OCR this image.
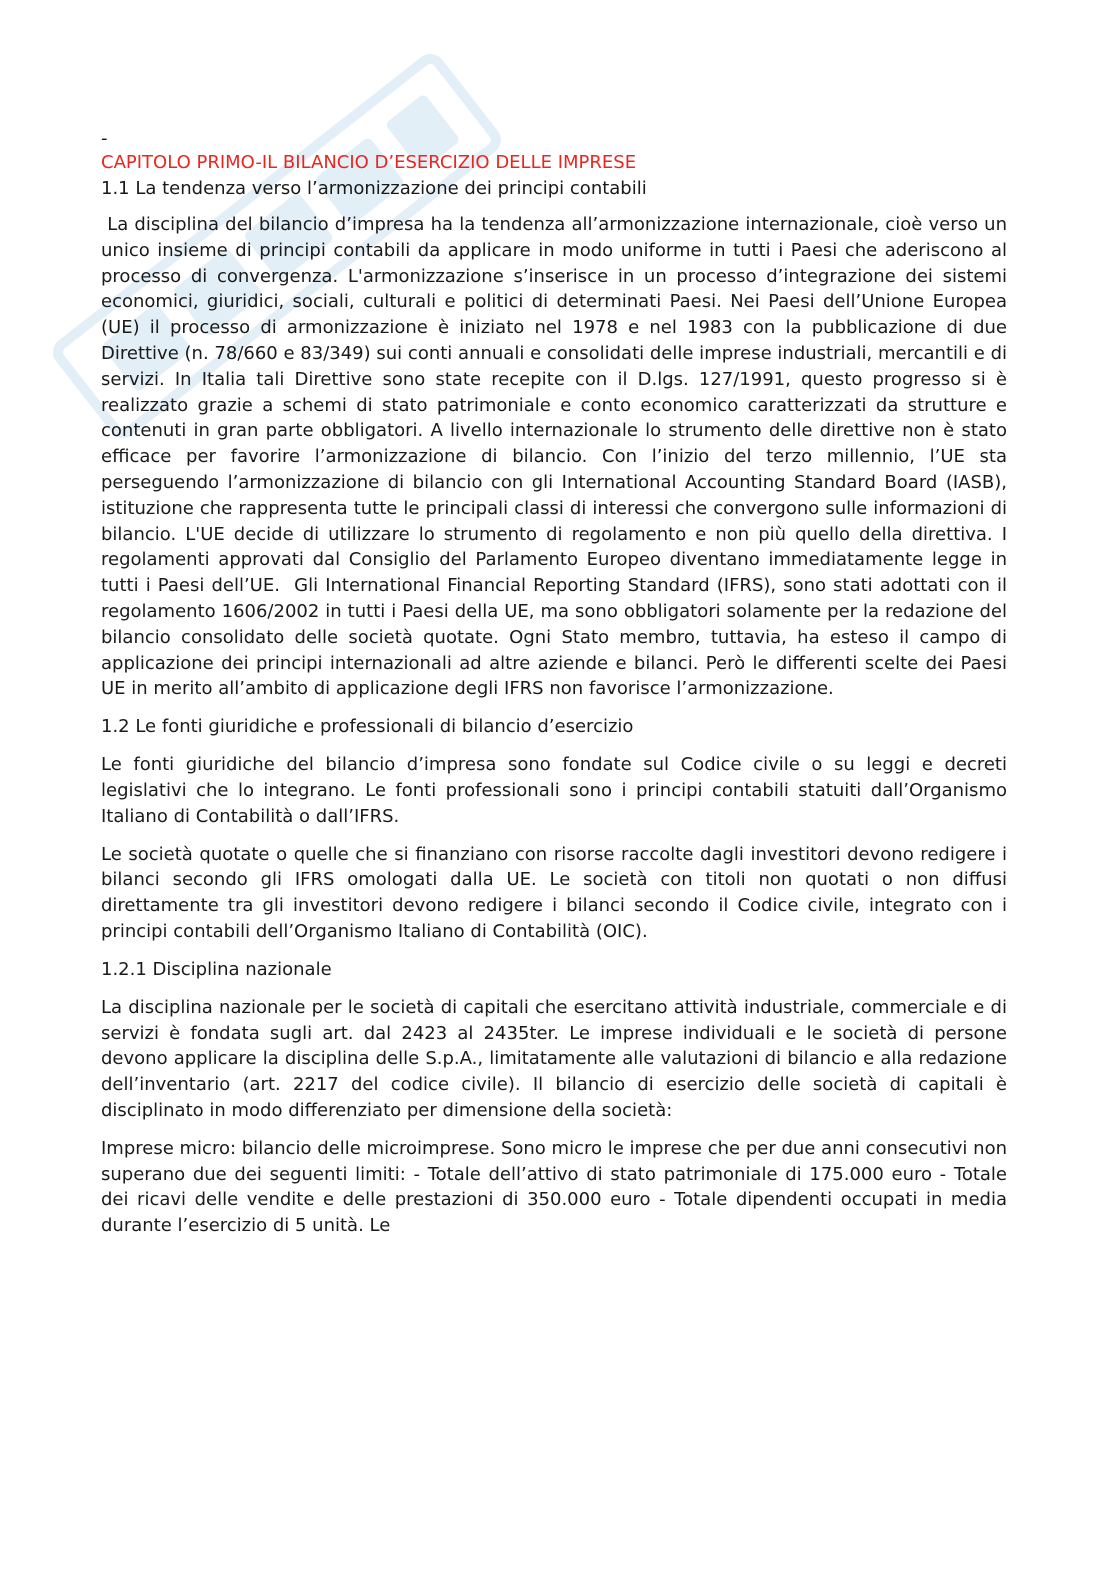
-
CAPITOLO PRIMO-IL BILANCIO D’ESERCIZIO DELLE IMPRESE
1.1 La tendenza verso l’armonizzazione dei principi contabili

La disciplina del bilancio d’impresa ha la tendenza all’armonizzazione internazionale, cioè verso un unico insieme di principi contabili da applicare in modo uniforme in tutti i Paesi che aderiscono al processo di convergenza. L'armonizzazione s’inserisce in un processo d’integrazione dei sistemi economici, giuridici, sociali, culturali e politici di determinati Paesi. Nei Paesi dell’Unione Europea (UE) il processo di armonizzazione è iniziato nel 1978 e nel 1983 con la pubblicazione di due Direttive (n. 78/660 e 83/349) sui conti annuali e consolidati delle imprese industriali, mercantili e di servizi. In Italia tali Direttive sono state recepite con il D.lgs. 127/1991, questo progresso si è realizzato grazie a schemi di stato patrimoniale e conto economico caratterizzati da strutture e contenuti in gran parte obbligatori. A livello internazionale lo strumento delle direttive non è stato efficace per favorire l’armonizzazione di bilancio. Con l’inizio del terzo millennio, l’UE sta perseguendo l’armonizzazione di bilancio con gli International Accounting Standard Board (IASB), istituzione che rappresenta tutte le principali classi di interessi che convergono sulle informazioni di bilancio. L'UE decide di utilizzare lo strumento di regolamento e non più quello della direttiva. I regolamenti approvati dal Consiglio del Parlamento Europeo diventano immediatamente legge in tutti i Paesi dell’UE.  Gli International Financial Reporting Standard (IFRS), sono stati adottati con il regolamento 1606/2002 in tutti i Paesi della UE, ma sono obbligatori solamente per la redazione del bilancio consolidato delle società quotate. Ogni Stato membro, tuttavia, ha esteso il campo di applicazione dei principi internazionali ad altre aziende e bilanci. Però le differenti scelte dei Paesi UE in merito all’ambito di applicazione degli IFRS non favorisce l’armonizzazione.

1.2 Le fonti giuridiche e professionali di bilancio d’esercizio

Le fonti giuridiche del bilancio d’impresa sono fondate sul Codice civile o su leggi e decreti legislativi che lo integrano. Le fonti professionali sono i principi contabili statuiti dall’Organismo Italiano di Contabilità o dall’IFRS.

Le società quotate o quelle che si finanziano con risorse raccolte dagli investitori devono redigere i bilanci secondo gli IFRS omologati dalla UE. Le società con titoli non quotati o non diffusi direttamente tra gli investitori devono redigere i bilanci secondo il Codice civile, integrato con i principi contabili dell’Organismo Italiano di Contabilità (OIC).

1.2.1 Disciplina nazionale

La disciplina nazionale per le società di capitali che esercitano attività industriale, commerciale e di servizi è fondata sugli art. dal 2423 al 2435ter. Le imprese individuali e le società di persone devono applicare la disciplina delle S.p.A., limitatamente alle valutazioni di bilancio e alla redazione dell’inventario (art. 2217 del codice civile). Il bilancio di esercizio delle società di capitali è disciplinato in modo differenziato per dimensione della società:

Imprese micro: bilancio delle microimprese. Sono micro le imprese che per due anni consecutivi non superano due dei seguenti limiti: - Totale dell’attivo di stato patrimoniale di 175.000 euro - Totale dei ricavi delle vendite e delle prestazioni di 350.000 euro - Totale dipendenti occupati in media durante l’esercizio di 5 unità. Le
